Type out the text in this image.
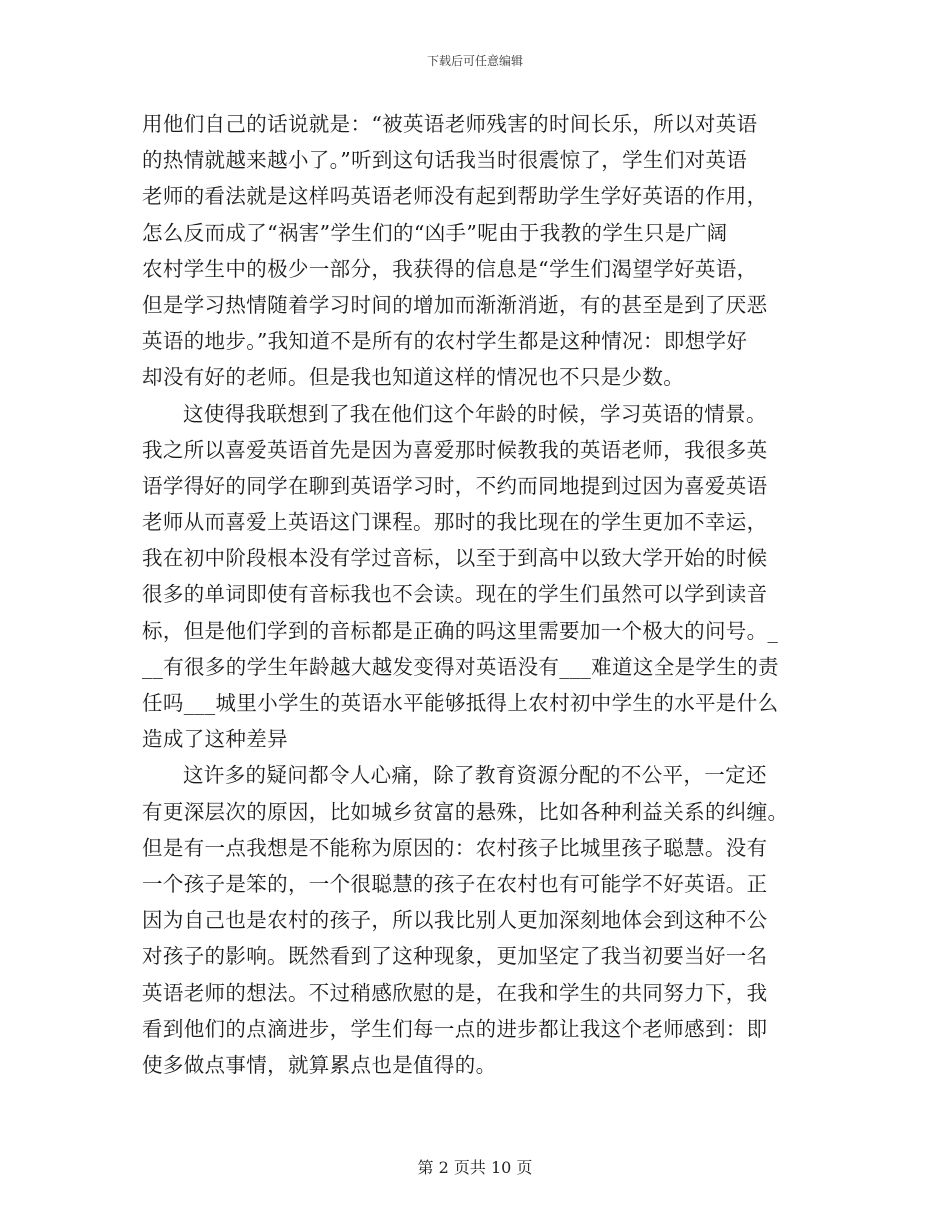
下载后可任意编辑
用他们自己的话说就是：“被英语老师残害的时间长乐，所以对英语
的热情就越来越小了。”听到这句话我当时很震惊了，学生们对英语
老师的看法就是这样吗英语老师没有起到帮助学生学好英语的作用，
怎么反而成了“祸害”学生们的“凶手”呢由于我教的学生只是广阔
农村学生中的极少一部分，我获得的信息是“学生们渴望学好英语，
但是学习热情随着学习时间的增加而渐渐消逝，有的甚至是到了厌恶
英语的地步。”我知道不是所有的农村学生都是这种情况：即想学好
却没有好的老师。但是我也知道这样的情况也不只是少数。
这使得我联想到了我在他们这个年龄的时候，学习英语的情景。
我之所以喜爱英语首先是因为喜爱那时候教我的英语老师，我很多英
语学得好的同学在聊到英语学习时，不约而同地提到过因为喜爱英语
老师从而喜爱上英语这门课程。那时的我比现在的学生更加不幸运，
我在初中阶段根本没有学过音标，以至于到高中以致大学开始的时候
很多的单词即使有音标我也不会读。现在的学生们虽然可以学到读音
标，但是他们学到的音标都是正确的吗这里需要加一个极大的问号。_
__有很多的学生年龄越大越发变得对英语没有___难道这全是学生的责
任吗___城里小学生的英语水平能够抵得上农村初中学生的水平是什么
造成了这种差异
这许多的疑问都令人心痛，除了教育资源分配的不公平，一定还
有更深层次的原因，比如城乡贫富的悬殊，比如各种利益关系的纠缠。
但是有一点我想是不能称为原因的：农村孩子比城里孩子聪慧。没有
一个孩子是笨的，一个很聪慧的孩子在农村也有可能学不好英语。正
因为自己也是农村的孩子，所以我比别人更加深刻地体会到这种不公
对孩子的影响。既然看到了这种现象，更加坚定了我当初要当好一名
英语老师的想法。不过稍感欣慰的是，在我和学生的共同努力下，我
看到他们的点滴进步，学生们每一点的进步都让我这个老师感到：即
使多做点事情，就算累点也是值得的。
第 2 页共 10 页
